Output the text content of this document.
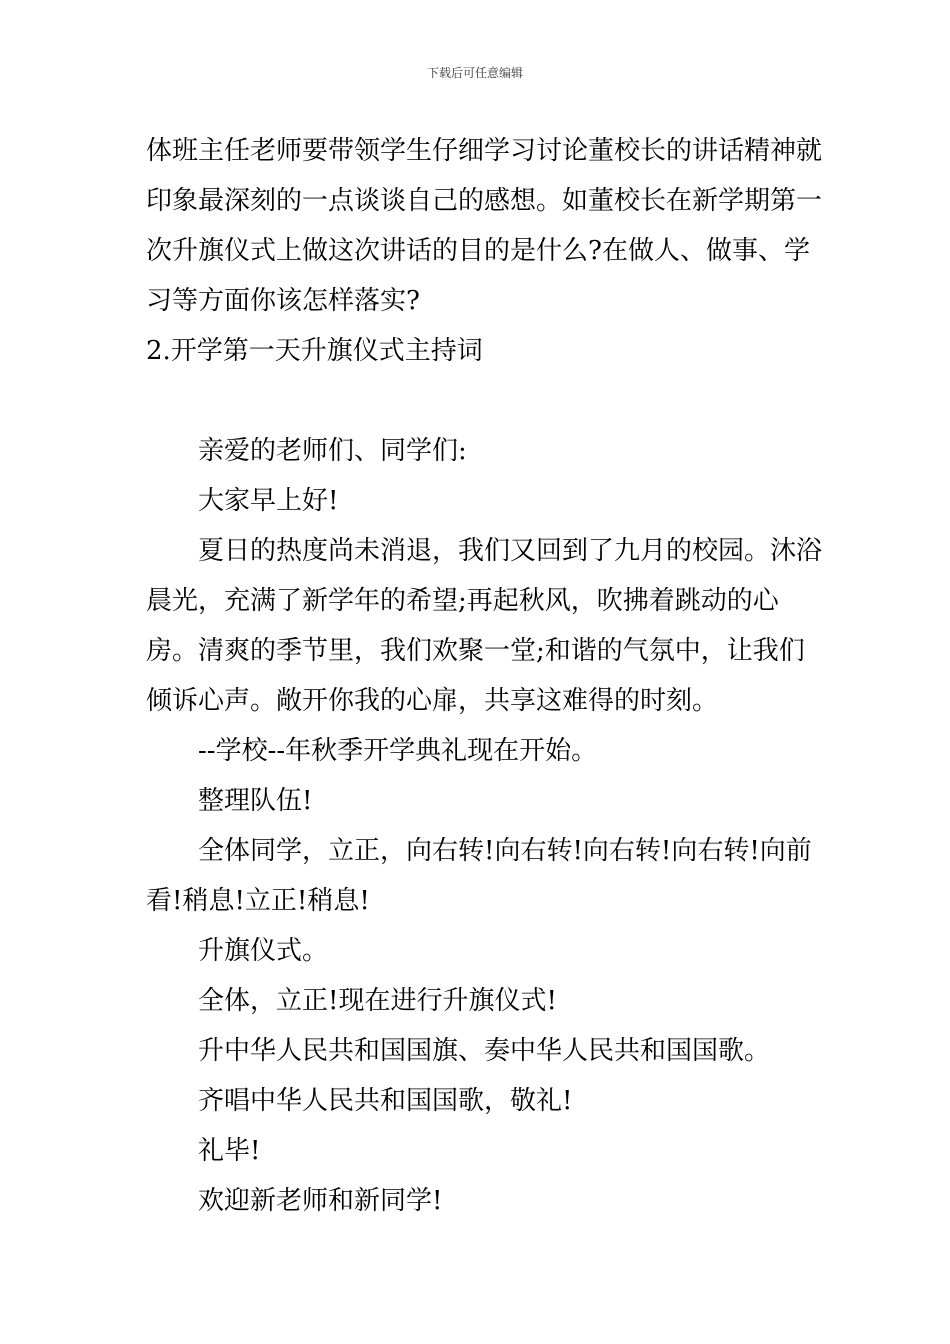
下载后可任意编辑

体班主任老师要带领学生仔细学习讨论董校长的讲话精神就印象最深刻的一点谈谈自己的感想。如董校长在新学期第一次升旗仪式上做这次讲话的目的是什么?在做人、做事、学习等方面你该怎样落实?

2.开学第一天升旗仪式主持词

亲爱的老师们、同学们:

大家早上好!

夏日的热度尚未消退，我们又回到了九月的校园。沐浴晨光，充满了新学年的希望;再起秋风，吹拂着跳动的心房。清爽的季节里，我们欢聚一堂;和谐的气氛中，让我们倾诉心声。敞开你我的心扉，共享这难得的时刻。

--学校--年秋季开学典礼现在开始。

整理队伍!

全体同学，立正，向右转!向右转!向右转!向右转!向前看!稍息!立正!稍息!

升旗仪式。

全体，立正!现在进行升旗仪式!

升中华人民共和国国旗、奏中华人民共和国国歌。

齐唱中华人民共和国国歌，敬礼!

礼毕!

欢迎新老师和新同学!
